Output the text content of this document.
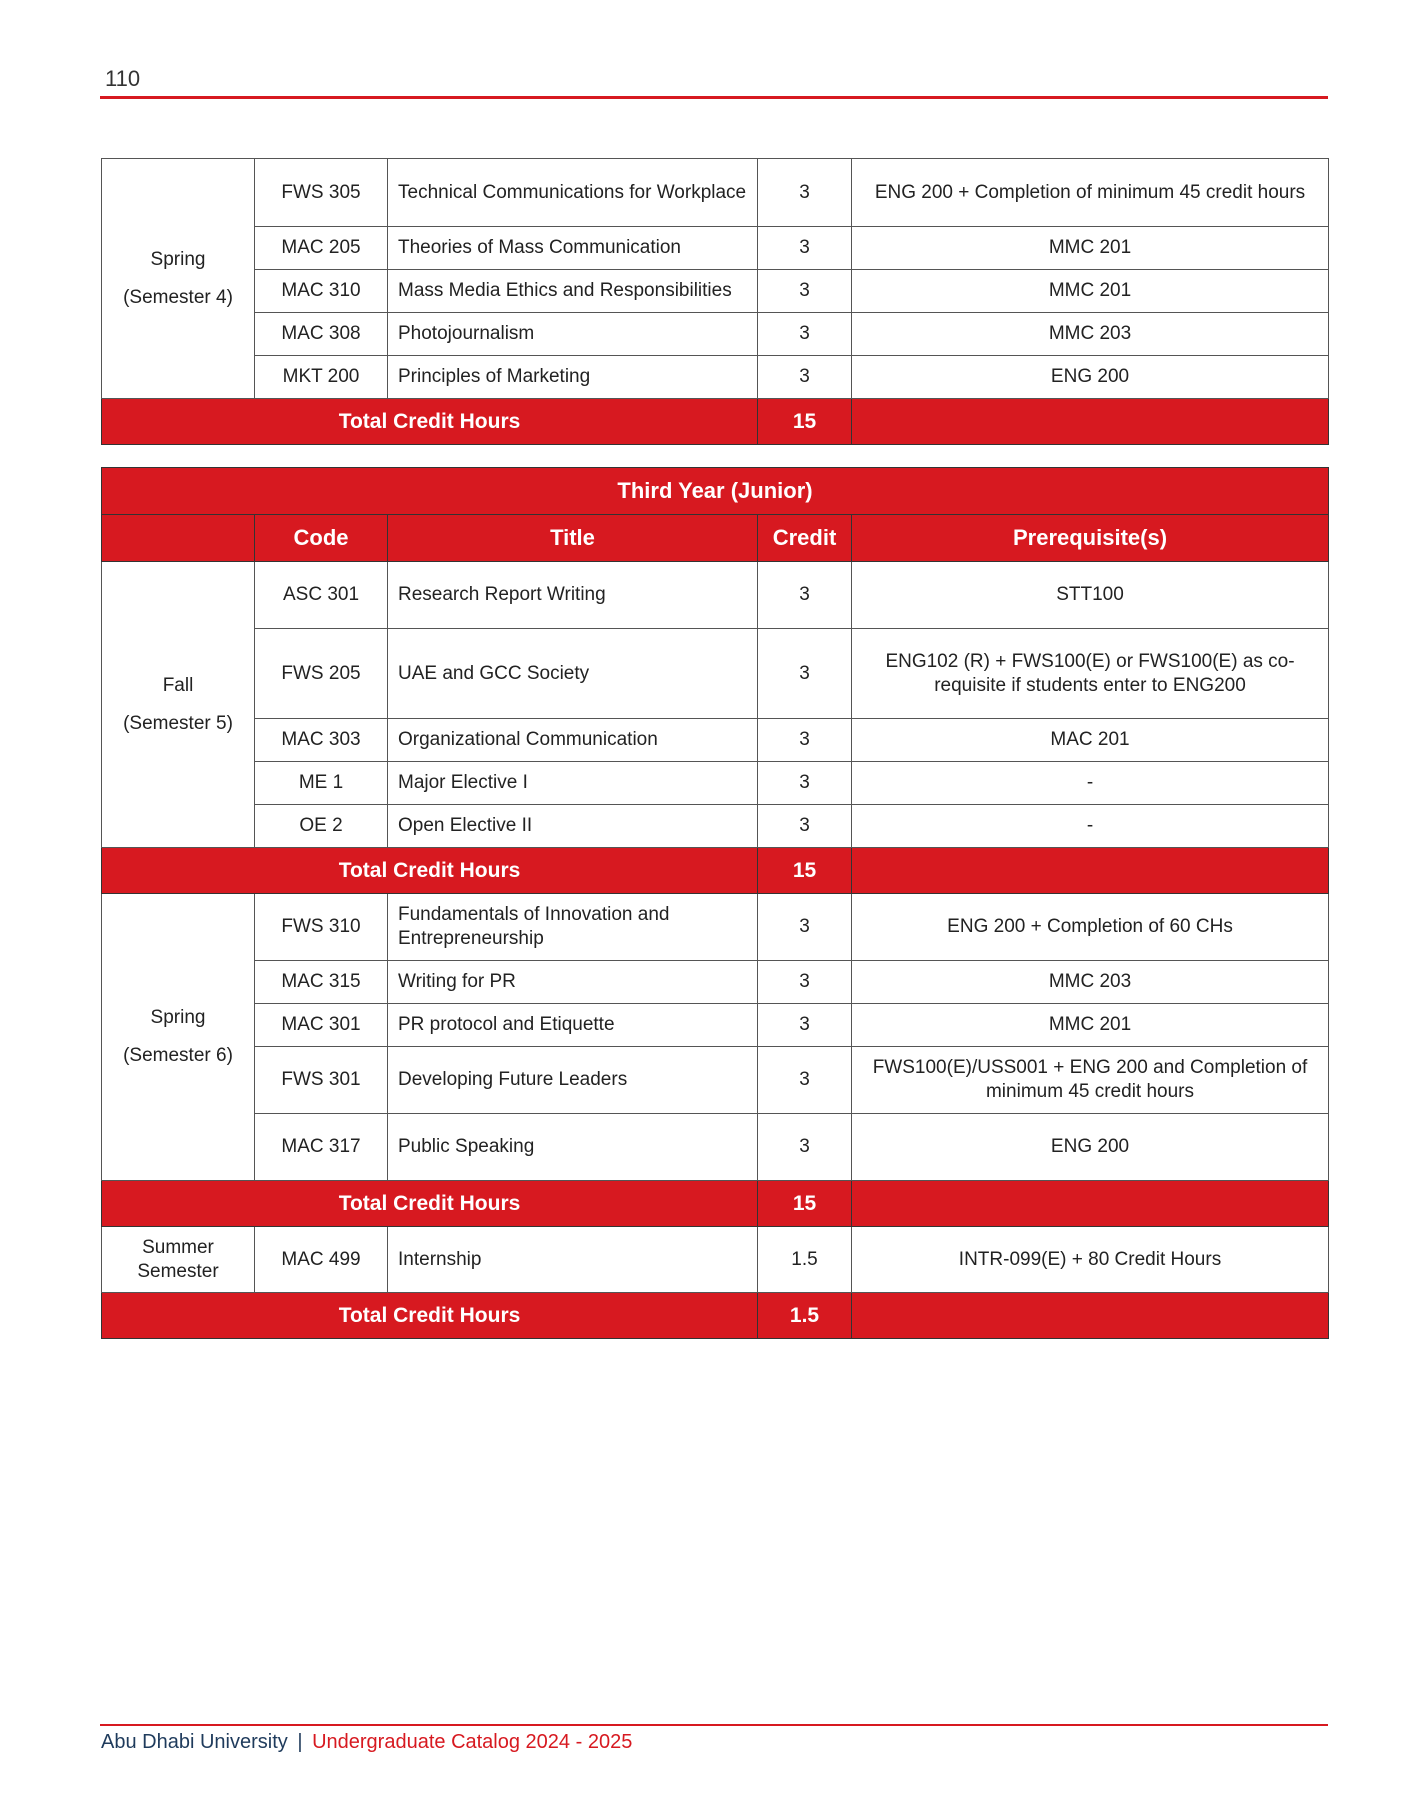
110
Spring
(Semester 4)	FWS 305	Technical Communications for Workplace	3	ENG 200 + Completion of minimum 45 credit hours
	MAC 205	Theories of Mass Communication	3	MMC 201
	MAC 310	Mass Media Ethics and Responsibilities	3	MMC 201
	MAC 308	Photojournalism	3	MMC 203
	MKT 200	Principles of Marketing	3	ENG 200
Total Credit Hours			15	
Third Year (Junior)				
	Code	Title	Credit	Prerequisite(s)

Fall
(Semester 5)	ASC 301	Research Report Writing	3	STT100
	FWS 205	UAE and GCC Society	3	ENG102 (R) + FWS100(E) or FWS100(E) as co-requisite if students enter to ENG200
	MAC 303	Organizational Communication	3	MAC 201
	ME 1	Major Elective I	3	-
	OE 2	Open Elective II	3	-
Total Credit Hours			15	

Spring
(Semester 6)	FWS 310	Fundamentals of Innovation and Entrepreneurship	3	ENG 200 + Completion of 60 CHs
	MAC 315	Writing for PR	3	MMC 203
	MAC 301	PR protocol and Etiquette	3	MMC 201
	FWS 301	Developing Future Leaders	3	FWS100(E)/USS001 + ENG 200 and Completion of minimum 45 credit hours
	MAC 317	Public Speaking	3	ENG 200
Total Credit Hours			15	
Summer Semester	MAC 499	Internship	1.5	INTR-099(E) + 80 Credit Hours
Total Credit Hours			1.5	
Abu Dhabi University | Undergraduate Catalog 2024 - 2025
